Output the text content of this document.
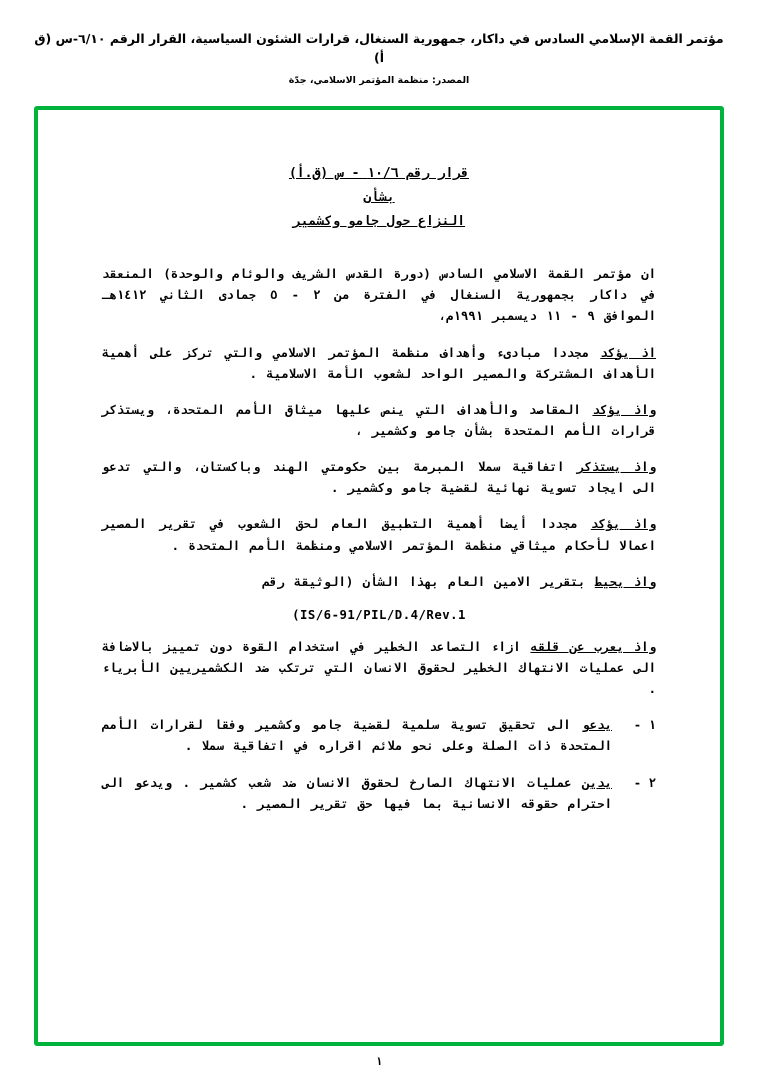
مؤتمر القمة الإسلامي السادس في داكار، جمهورية السنغال، قرارات الشئون السياسية، القرار الرقم ٦/١٠-س (ق أ)
المصدر: منظمة المؤتمر الاسلامي، جدّة
قرار رقم ١٠/٦ - س (ق.أ)
بشأن
النزاع حول جامو وكشمير

ان مؤتمر القمة الاسلامي السادس (دورة القدس الشريف والوئام والوحدة) المنعقد في داكار بجمهورية السنغال في الفترة من ٢ - ٥ جمادى الثاني ١٤١٢هـ الموافق ٩ - ١١ ديسمبر ١٩٩١م،

اذ يؤكد مجددا مبادىء وأهداف منظمة المؤتمر الاسلامي والتي تركز على أهمية الأهداف المشتركة والمصير الواحد لشعوب الأمة الاسلامية .

واذ يؤكد المقاصد والأهداف التي ينص عليها ميثاق الأمم المتحدة، ويستذكر قرارات الأمم المتحدة بشأن جامو وكشمير ،

واذ يستذكر اتفاقية سملا المبرمة بين حكومتي الهند وباكستان، والتي تدعو الى ايجاد تسوية نهائية لقضية جامو وكشمير .

واذ يؤكد مجددا أيضا أهمية التطبيق العام لحق الشعوب في تقرير المصير اعمالا لأحكام ميثاقي منظمة المؤتمر الاسلامي ومنظمة الأمم المتحدة .

واذ يحيط بتقرير الامين العام بهذا الشأن (الوثيقة رقم

(IS/6-91/PIL/D.4/Rev.1

واذ يعرب عن قلقه ازاء التصاعد الخطير في استخدام القوة دون تمييز بالاضافة الى عمليات الانتهاك الخطير لحقوق الانسان التي ترتكب ضد الكشميريين الأبرياء .

١ -
يدعو الى تحقيق تسوية سلمية لقضية جامو وكشمير وفقا لقرارات الأمم المتحدة ذات الصلة وعلى نحو ملائم اقراره في اتفاقية سملا .
٢ -
يدين عمليات الانتهاك الصارخ لحقوق الانسان ضد شعب كشمير . ويدعو الى احترام حقوقه الانسانية بما فيها حق تقرير المصير .
١
